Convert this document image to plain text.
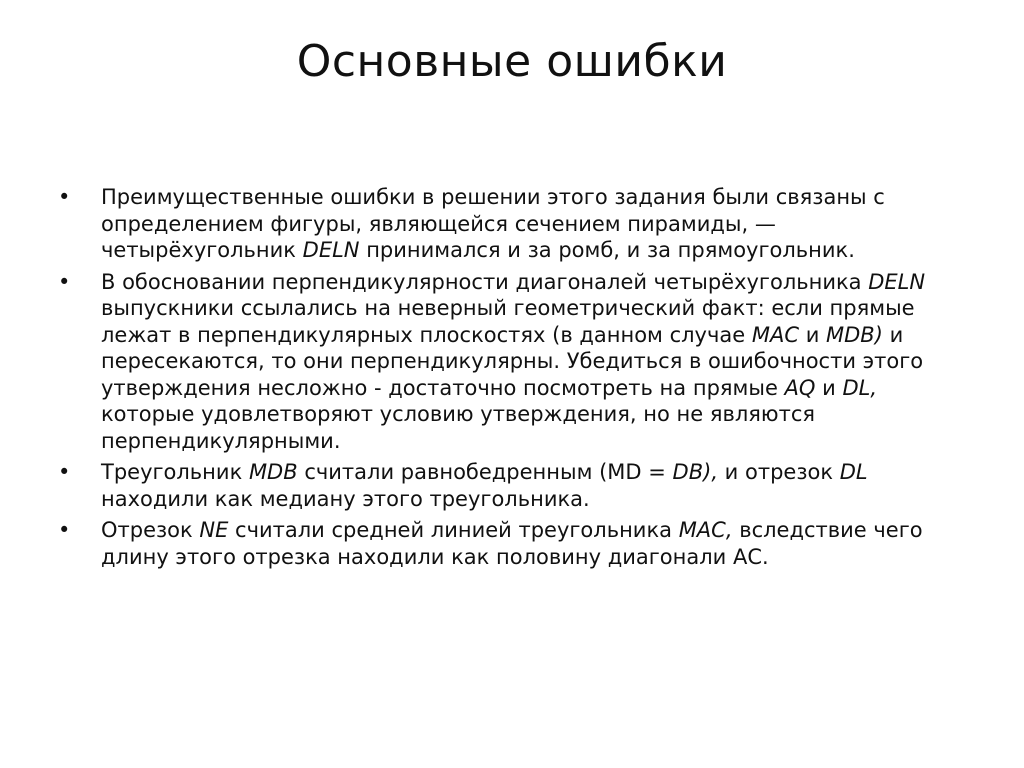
Основные ошибки
•	Преимущественные ошибки в решении этого задания были связаны с определением фигуры, являющейся сечением пирамиды, — четырёхугольник DELN принимался и за ромб, и за прямоугольник.
•	В обосновании перпендикулярности диагоналей четырёхугольника DELN выпускники ссылались на неверный геометрический факт: если прямые лежат в перпендикулярных плоскостях (в данном случае MAC и MDB) и пересекаются, то они перпендикулярны. Убедиться в ошибочности этого утверждения несложно - достаточно посмотреть на прямые AQ и DL, которые удовлетворяют условию утверждения, но не являются перпендикулярными.
•	Треугольник MDB считали равнобедренным (MD = DB), и отрезок DL находили как медиану этого треугольника.
•	Отрезок NE считали средней линией треугольника MAC, вследствие чего длину этого отрезка находили как половину диагонали АС.
